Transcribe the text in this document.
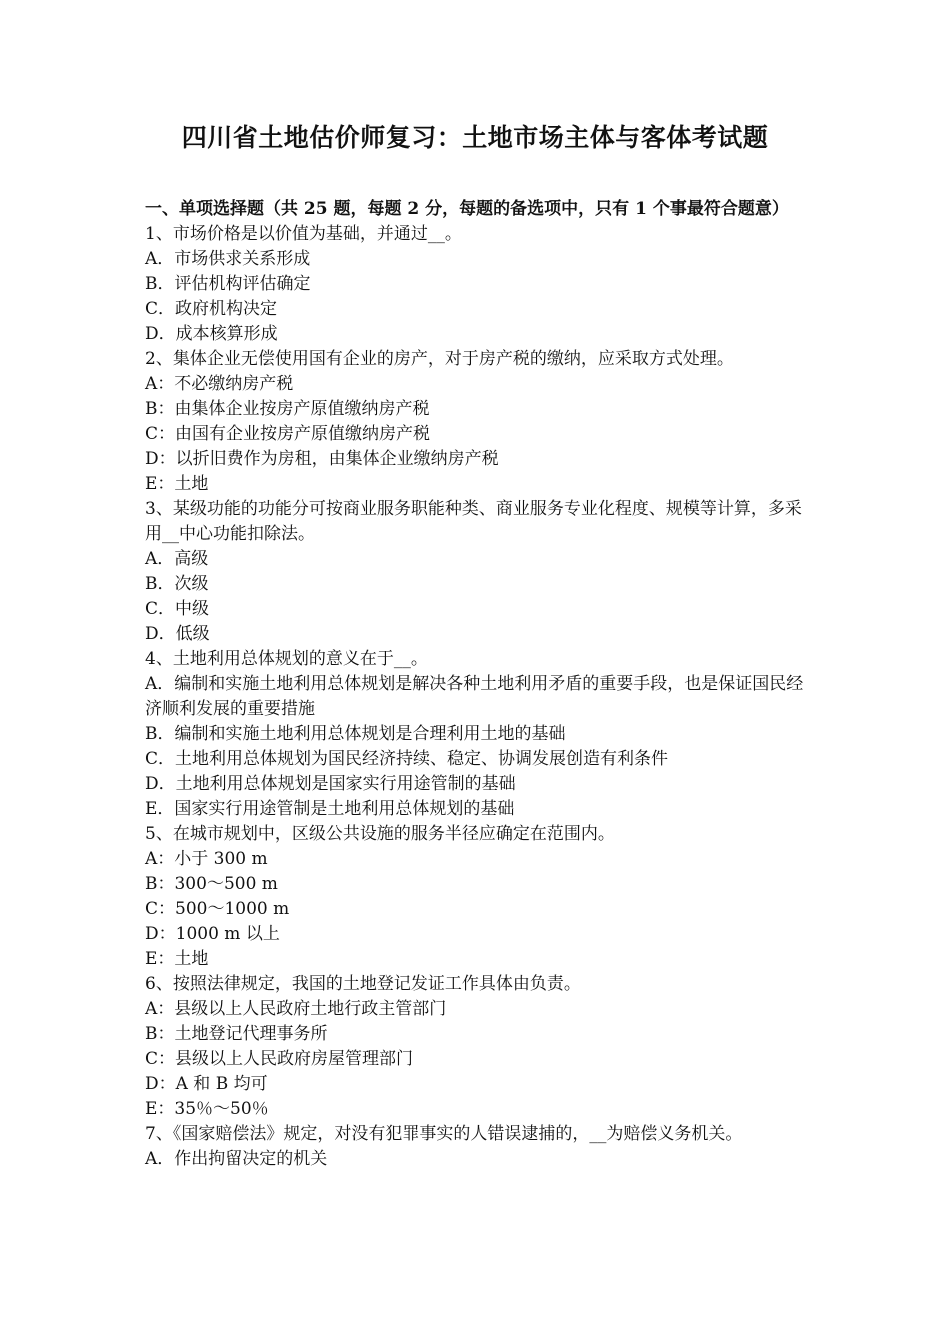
四川省土地估价师复习：土地市场主体与客体考试题

一、单项选择题（共 25 题，每题 2 分，每题的备选项中，只有 1 个事最符合题意）

1、市场价格是以价值为基础，并通过__。

A．市场供求关系形成

B．评估机构评估确定

C．政府机构决定

D．成本核算形成

2、集体企业无偿使用国有企业的房产，对于房产税的缴纳，应采取方式处理。

A：不必缴纳房产税

B：由集体企业按房产原值缴纳房产税

C：由国有企业按房产原值缴纳房产税

D：以折旧费作为房租，由集体企业缴纳房产税

E：土地

3、某级功能的功能分可按商业服务职能种类、商业服务专业化程度、规模等计算，多采用__中心功能扣除法。

A．高级

B．次级

C．中级

D．低级

4、土地利用总体规划的意义在于__。

A．编制和实施土地利用总体规划是解决各种土地利用矛盾的重要手段，也是保证国民经济顺利发展的重要措施

B．编制和实施土地利用总体规划是合理利用土地的基础

C．土地利用总体规划为国民经济持续、稳定、协调发展创造有利条件

D．土地利用总体规划是国家实行用途管制的基础

E．国家实行用途管制是土地利用总体规划的基础

5、在城市规划中，区级公共设施的服务半径应确定在范围内。

A：小于 300 m

B：300～500 m

C：500～1000 m

D：1000 m 以上

E：土地

6、按照法律规定，我国的土地登记发证工作具体由负责。

A：县级以上人民政府土地行政主管部门

B：土地登记代理事务所

C：县级以上人民政府房屋管理部门

D：A 和 B 均可

E：35％～50％

7、《国家赔偿法》规定，对没有犯罪事实的人错误逮捕的，__为赔偿义务机关。

A．作出拘留决定的机关
